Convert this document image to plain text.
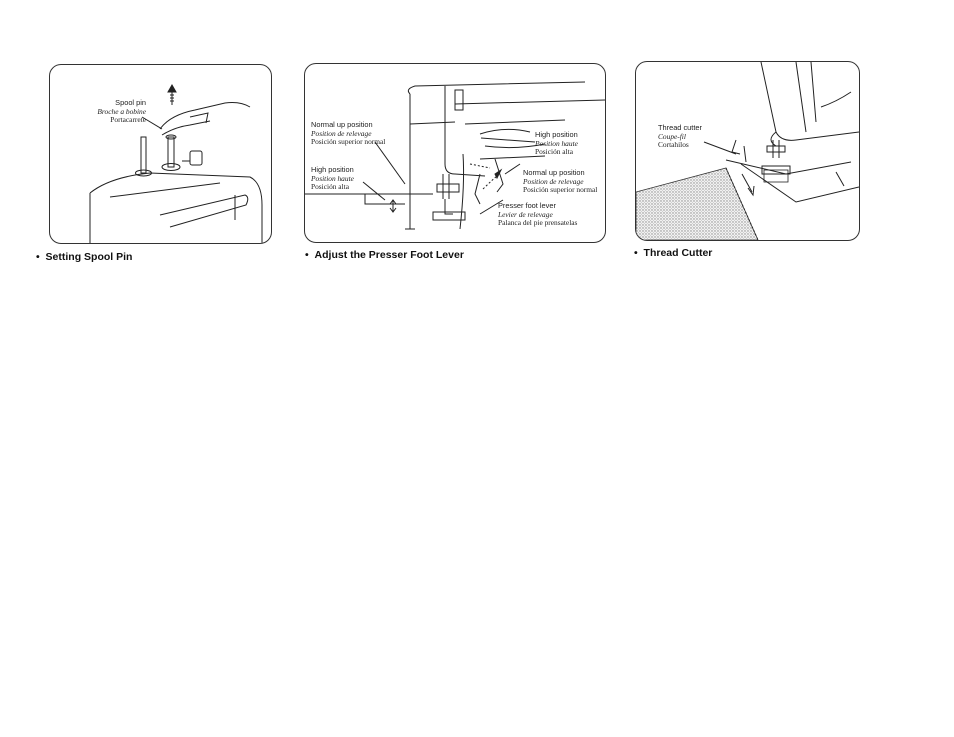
Spool pin
Broche a bobine
Portacarrete
• Setting Spool Pin
Normal up position
Position de relevage
Posición superior normal
High position
Position haute
Posición alta
High position
Position haute
Posición alta
Normal up position
Position de relevage
Posición superior normal
Presser foot lever
Levier de relevage
Palanca del pie prensatelas
• Adjust the Presser Foot Lever
Thread cutter
Coupe-fil
Cortahilos
• Thread Cutter
